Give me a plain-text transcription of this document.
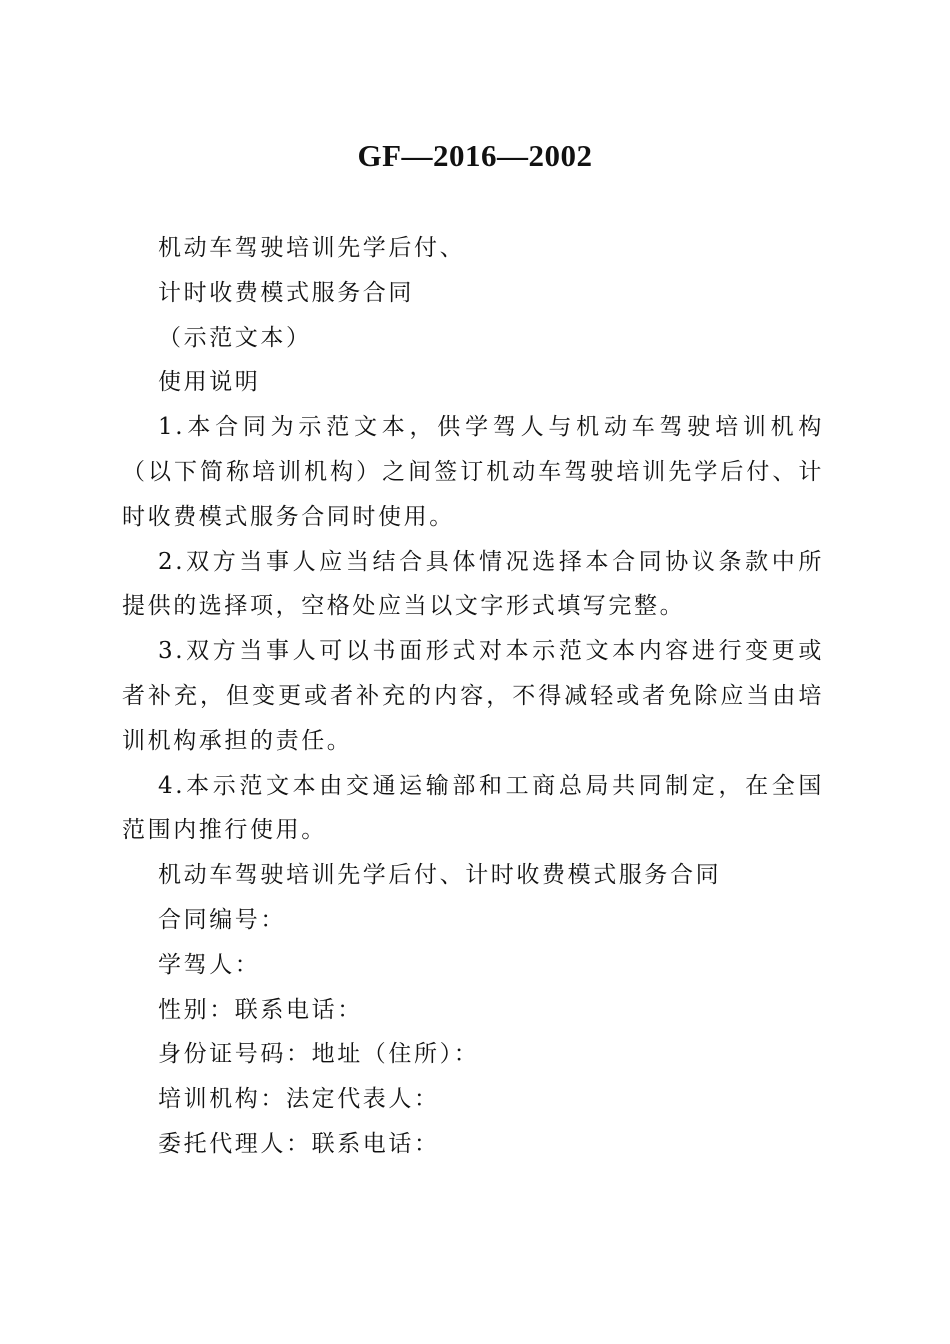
GF—2016—2002

机动车驾驶培训先学后付、

计时收费模式服务合同

（示范文本）

使用说明

1.本合同为示范文本，供学驾人与机动车驾驶培训机构（以下简称培训机构）之间签订机动车驾驶培训先学后付、计时收费模式服务合同时使用。

2.双方当事人应当结合具体情况选择本合同协议条款中所提供的选择项，空格处应当以文字形式填写完整。

3.双方当事人可以书面形式对本示范文本内容进行变更或者补充，但变更或者补充的内容，不得减轻或者免除应当由培训机构承担的责任。

4.本示范文本由交通运输部和工商总局共同制定，在全国范围内推行使用。

机动车驾驶培训先学后付、计时收费模式服务合同

合同编号：

学驾人：

性别：联系电话：

身份证号码：地址（住所）：

培训机构：法定代表人：

委托代理人：联系电话：
